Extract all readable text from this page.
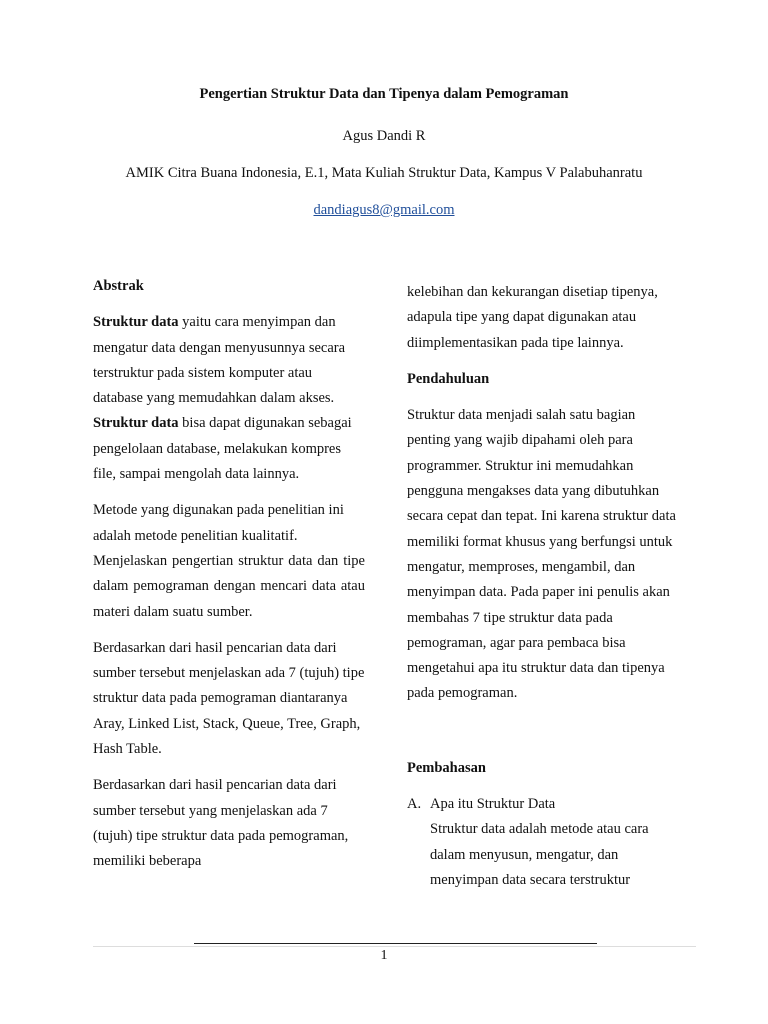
Pengertian Struktur Data dan Tipenya dalam Pemograman
Agus Dandi R
AMIK Citra Buana Indonesia, E.1, Mata Kuliah Struktur Data, Kampus V Palabuhanratu
dandiagus8@gmail.com
Abstrak

Struktur data yaitu cara menyimpan dan mengatur data dengan menyusunnya secara terstruktur pada sistem komputer atau database yang memudahkan dalam akses. Struktur data bisa dapat digunakan sebagai pengelolaan database, melakukan kompres file, sampai mengolah data lainnya.

Metode yang digunakan pada penelitian ini adalah metode penelitian kualitatif.
Menjelaskan pengertian struktur data dan tipe dalam pemograman dengan mencari data atau materi dalam suatu sumber.

Berdasarkan dari hasil pencarian data dari sumber tersebut menjelaskan ada 7 (tujuh) tipe struktur data pada pemograman diantaranya Aray, Linked List, Stack, Queue, Tree, Graph, Hash Table.

Berdasarkan dari hasil pencarian data dari sumber tersebut yang menjelaskan ada 7 (tujuh) tipe struktur data pada pemograman, memiliki beberapa

kelebihan dan kekurangan disetiap tipenya, adapula tipe yang dapat digunakan atau diimplementasikan pada tipe lainnya.

Pendahuluan

Struktur data menjadi salah satu bagian penting yang wajib dipahami oleh para programmer. Struktur ini memudahkan pengguna mengakses data yang dibutuhkan secara cepat dan tepat. Ini karena struktur data memiliki format khusus yang berfungsi untuk mengatur, memproses, mengambil, dan menyimpan data. Pada paper ini penulis akan membahas 7 tipe struktur data pada pemograman, agar para pembaca bisa mengetahui apa itu struktur data dan tipenya pada pemograman.

Pembahasan
A. Apa itu Struktur Data
Struktur data adalah metode atau cara dalam menyusun, mengatur, dan menyimpan data secara terstruktur
1
